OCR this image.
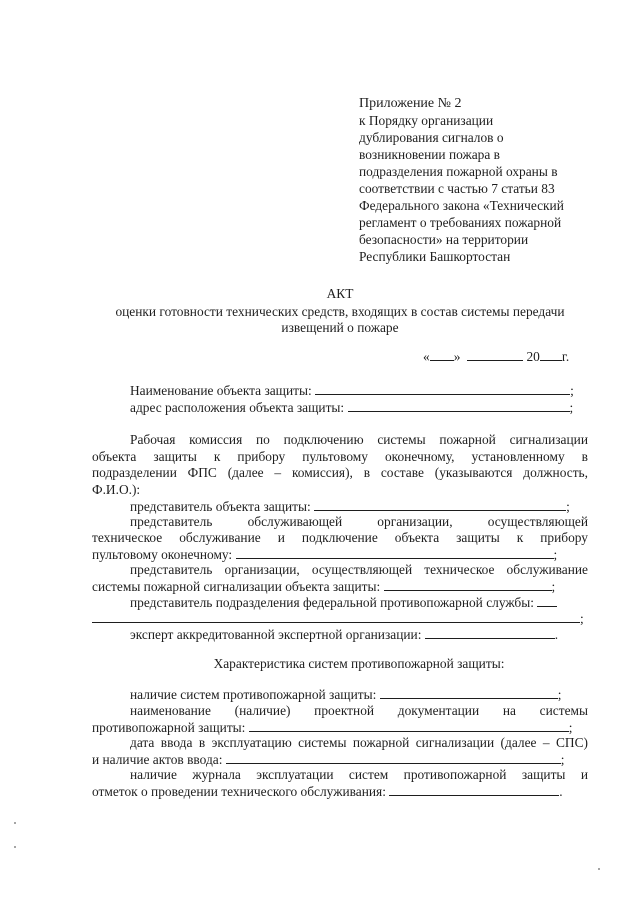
Приложение № 2
к Порядку организации
дублирования сигналов о
возникновении пожара в
подразделения пожарной охраны в
соответствии с частью 7 статьи 83
Федерального закона «Технический
регламент о требованиях пожарной
безопасности» на территории
Республики Башкортостан
АКТ
оценки готовности технических средств, входящих в состав системы передачи
извещений о пожаре
« »	20 г.
Наименование объекта защиты:	;
адрес расположения объекта защиты:	;
Рабочая комиссия по подключению системы пожарной сигнализации
объекта защиты к прибору пультовому оконечному, установленному в
подразделении ФПС (далее – комиссия), в составе (указываются должность,
Ф.И.О.):
представитель объекта защиты:	;
представитель обслуживающей организации, осуществляющей
техническое обслуживание и подключение объекта защиты к прибору
пультовому оконечному:	;
представитель организации, осуществляющей техническое обслуживание
системы пожарной сигнализации объекта защиты:	;
представитель подразделения федеральной противопожарной службы:
;
эксперт аккредитованной экспертной организации:	.
Характеристика систем противопожарной защиты:
наличие систем противопожарной защиты:	;
наименование (наличие) проектной документации на системы
противопожарной защиты:	;
дата ввода в эксплуатацию системы пожарной сигнализации (далее – СПС)
и наличие актов ввода:	;
наличие журнала эксплуатации систем противопожарной защиты и
отметок о проведении технического обслуживания:	.
